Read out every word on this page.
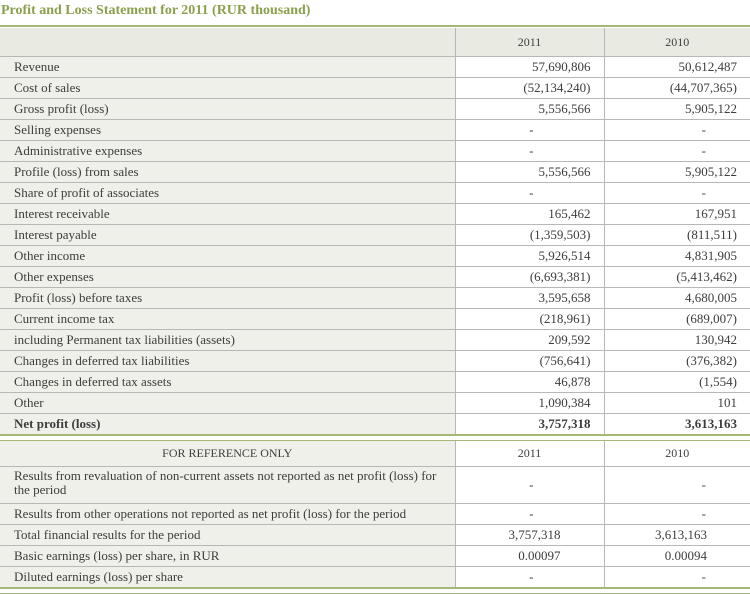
Profit and Loss Statement for 2011 (RUR thousand)
	2011	2010
Revenue	57,690,806	50,612,487
Cost of sales	(52,134,240)	(44,707,365)
Gross profit (loss)	5,556,566	5,905,122
Selling expenses	-	-
Administrative expenses	-	-
Profile (loss) from sales	5,556,566	5,905,122
Share of profit of associates	-	-
Interest receivable	165,462	167,951
Interest payable	(1,359,503)	(811,511)
Other income	5,926,514	4,831,905
Other expenses	(6,693,381)	(5,413,462)
Profit (loss) before taxes	3,595,658	4,680,005
Current income tax	(218,961)	(689,007)
including Permanent tax liabilities (assets)	209,592	130,942
Changes in deferred tax liabilities	(756,641)	(376,382)
Changes in deferred tax assets	46,878	(1,554)
Other	1,090,384	101
Net profit (loss)	3,757,318	3,613,163

FOR REFERENCE ONLY	2011	2010
Results from revaluation of non-current assets not reported as net profit (loss) for the period	-	-
Results from other operations not reported as net profit (loss) for the period	-	-
Total financial results for the period	3,757,318	3,613,163
Basic earnings (loss) per share, in RUR	0.00097	0.00094
Diluted earnings (loss) per share	-	-
